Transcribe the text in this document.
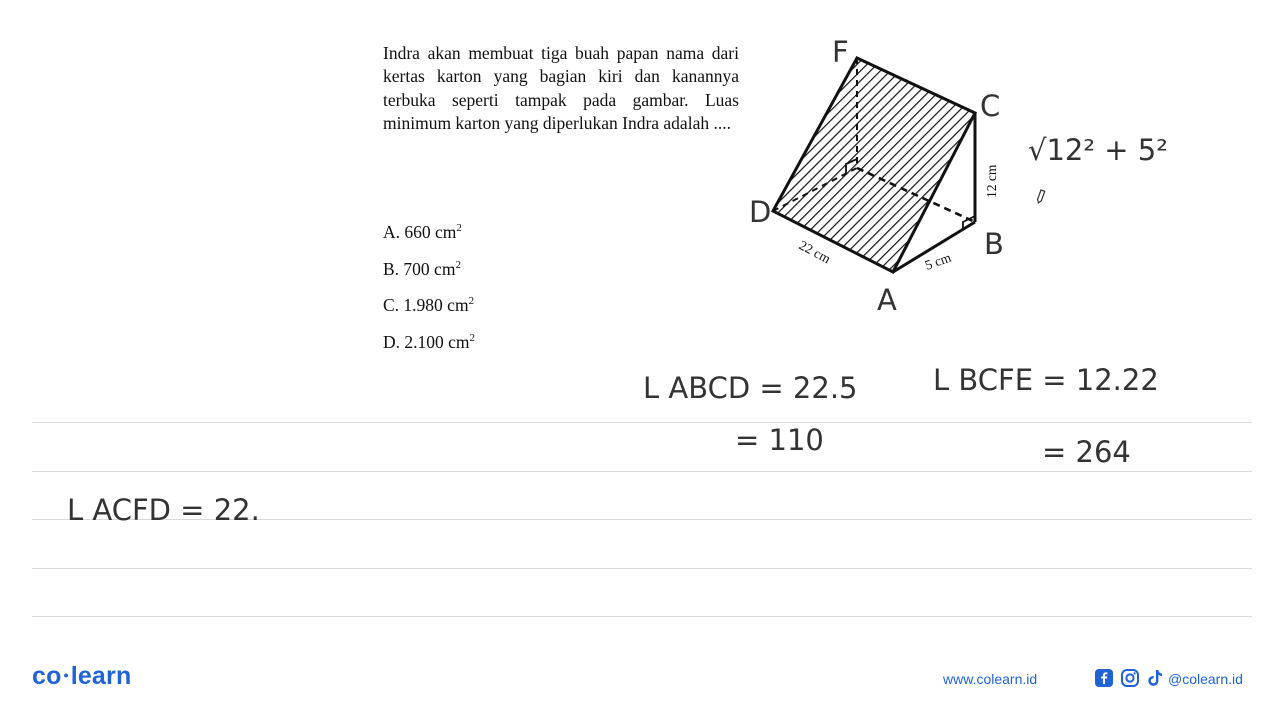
Indra akan membuat tiga buah papan nama dari kertas karton yang bagian kiri dan kanannya terbuka seperti tampak pada gambar. Luas minimum karton yang diperlukan Indra adalah ....
A. 660 $cm^2$
B. 700 $cm^2$
C. 1.980 $cm^2$
D. 2.100 $cm^2$
22 cm	5 cm
12 cm
F
C
D
B
A
√12² + 5²
L ABCD = 22.5
= 110
L BCFE = 12.22
= 264
L ACFD = 22.
co •learn	www.colearn.id	@colearn.id
